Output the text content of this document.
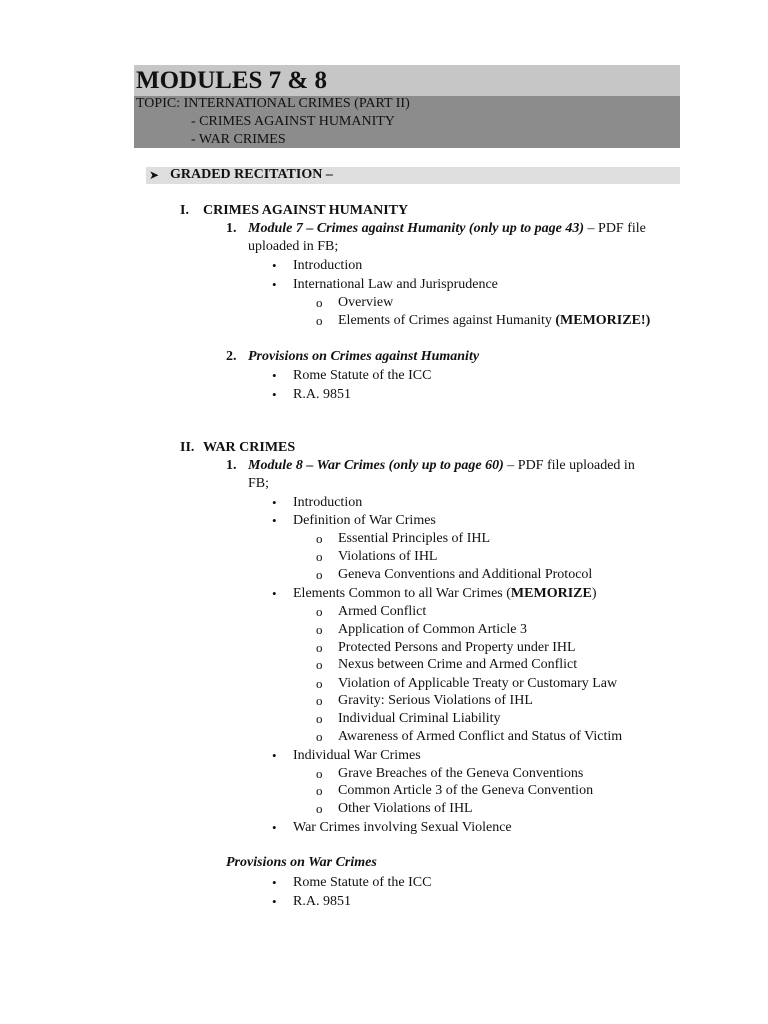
MODULES 7 & 8
TOPIC: INTERNATIONAL CRIMES (PART II)
- CRIMES AGAINST HUMANITY
- WAR CRIMES
➤ GRADED RECITATION –
I. CRIMES AGAINST HUMANITY
1. Module 7 – Crimes against Humanity (only up to page 43) – PDF file
uploaded in FB;
• Introduction
• International Law and Jurisprudence
o Overview
o Elements of Crimes against Humanity (MEMORIZE!)
2. Provisions on Crimes against Humanity
• Rome Statute of the ICC
• R.A. 9851
II. WAR CRIMES
1. Module 8 – War Crimes (only up to page 60) – PDF file uploaded in
FB;
• Introduction
• Definition of War Crimes
o Essential Principles of IHL
o Violations of IHL
o Geneva Conventions and Additional Protocol
• Elements Common to all War Crimes (MEMORIZE)
o Armed Conflict
o Application of Common Article 3
o Protected Persons and Property under IHL
o Nexus between Crime and Armed Conflict
o Violation of Applicable Treaty or Customary Law
o Gravity: Serious Violations of IHL
o Individual Criminal Liability
o Awareness of Armed Conflict and Status of Victim
• Individual War Crimes
o Grave Breaches of the Geneva Conventions
o Common Article 3 of the Geneva Convention
o Other Violations of IHL
• War Crimes involving Sexual Violence
Provisions on War Crimes
• Rome Statute of the ICC
• R.A. 9851
